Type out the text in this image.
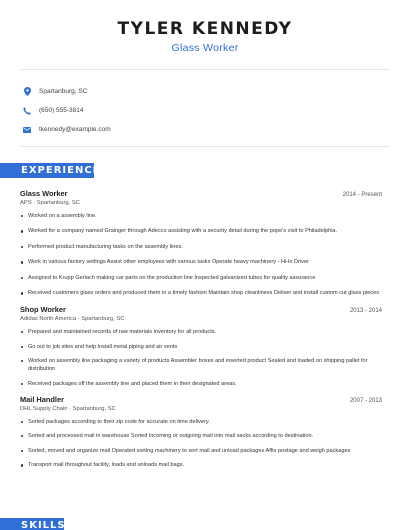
TYLER KENNEDY
Glass Worker
Spartanburg, SC
(650) 555-3814
tkennedy@example.com
EXPERIENCE
Glass Worker	2014 - Present
APS · Spartanburg, SC
Worked on a assembly line.
Worked for a company named Grainger through Adecco assisting with a security detail during the pope's visit to Philadelphia.
Performed product manufacturing tasks on the assembly lines.
Work in various factory settings Assist other employees with various tasks Operate heavy machinery - Hi-lo Driver
Assigned to Krupp Gerlach making car parts on the production line Inspected galvanized tubes for quality assurance
Received customers glass orders and produced them in a timely fashion Maintain shop cleanliness Deliver and install custom cut glass pieces
Shop Worker	2013 - 2014
Adidas North America · Spartanburg, SC
Prepared and maintained records of raw materials inventory for all products.
Go out to job sites and help install metal piping and air vents
Worked on assembly line packaging a variety of products Assembler boxes and inserted product Sealed and loaded on shipping pallet for distribution
Received packages off the assembly line and placed them in their designated areas.
Mail Handler	2007 - 2013
DHL Supply Chain · Spartanburg, SC
Sorted packages according to their zip code for accurate on time delivery.
Sorted and processed mail in warehouse Sorted incoming or outgoing mail into mail sacks according to destination.
Sorted, moved and organize mail Operated sorting machinery to sort mail and unload packages Affix postage and weigh packages
Transport mail throughout facility, loads and unloads mail bags.
SKILLS
